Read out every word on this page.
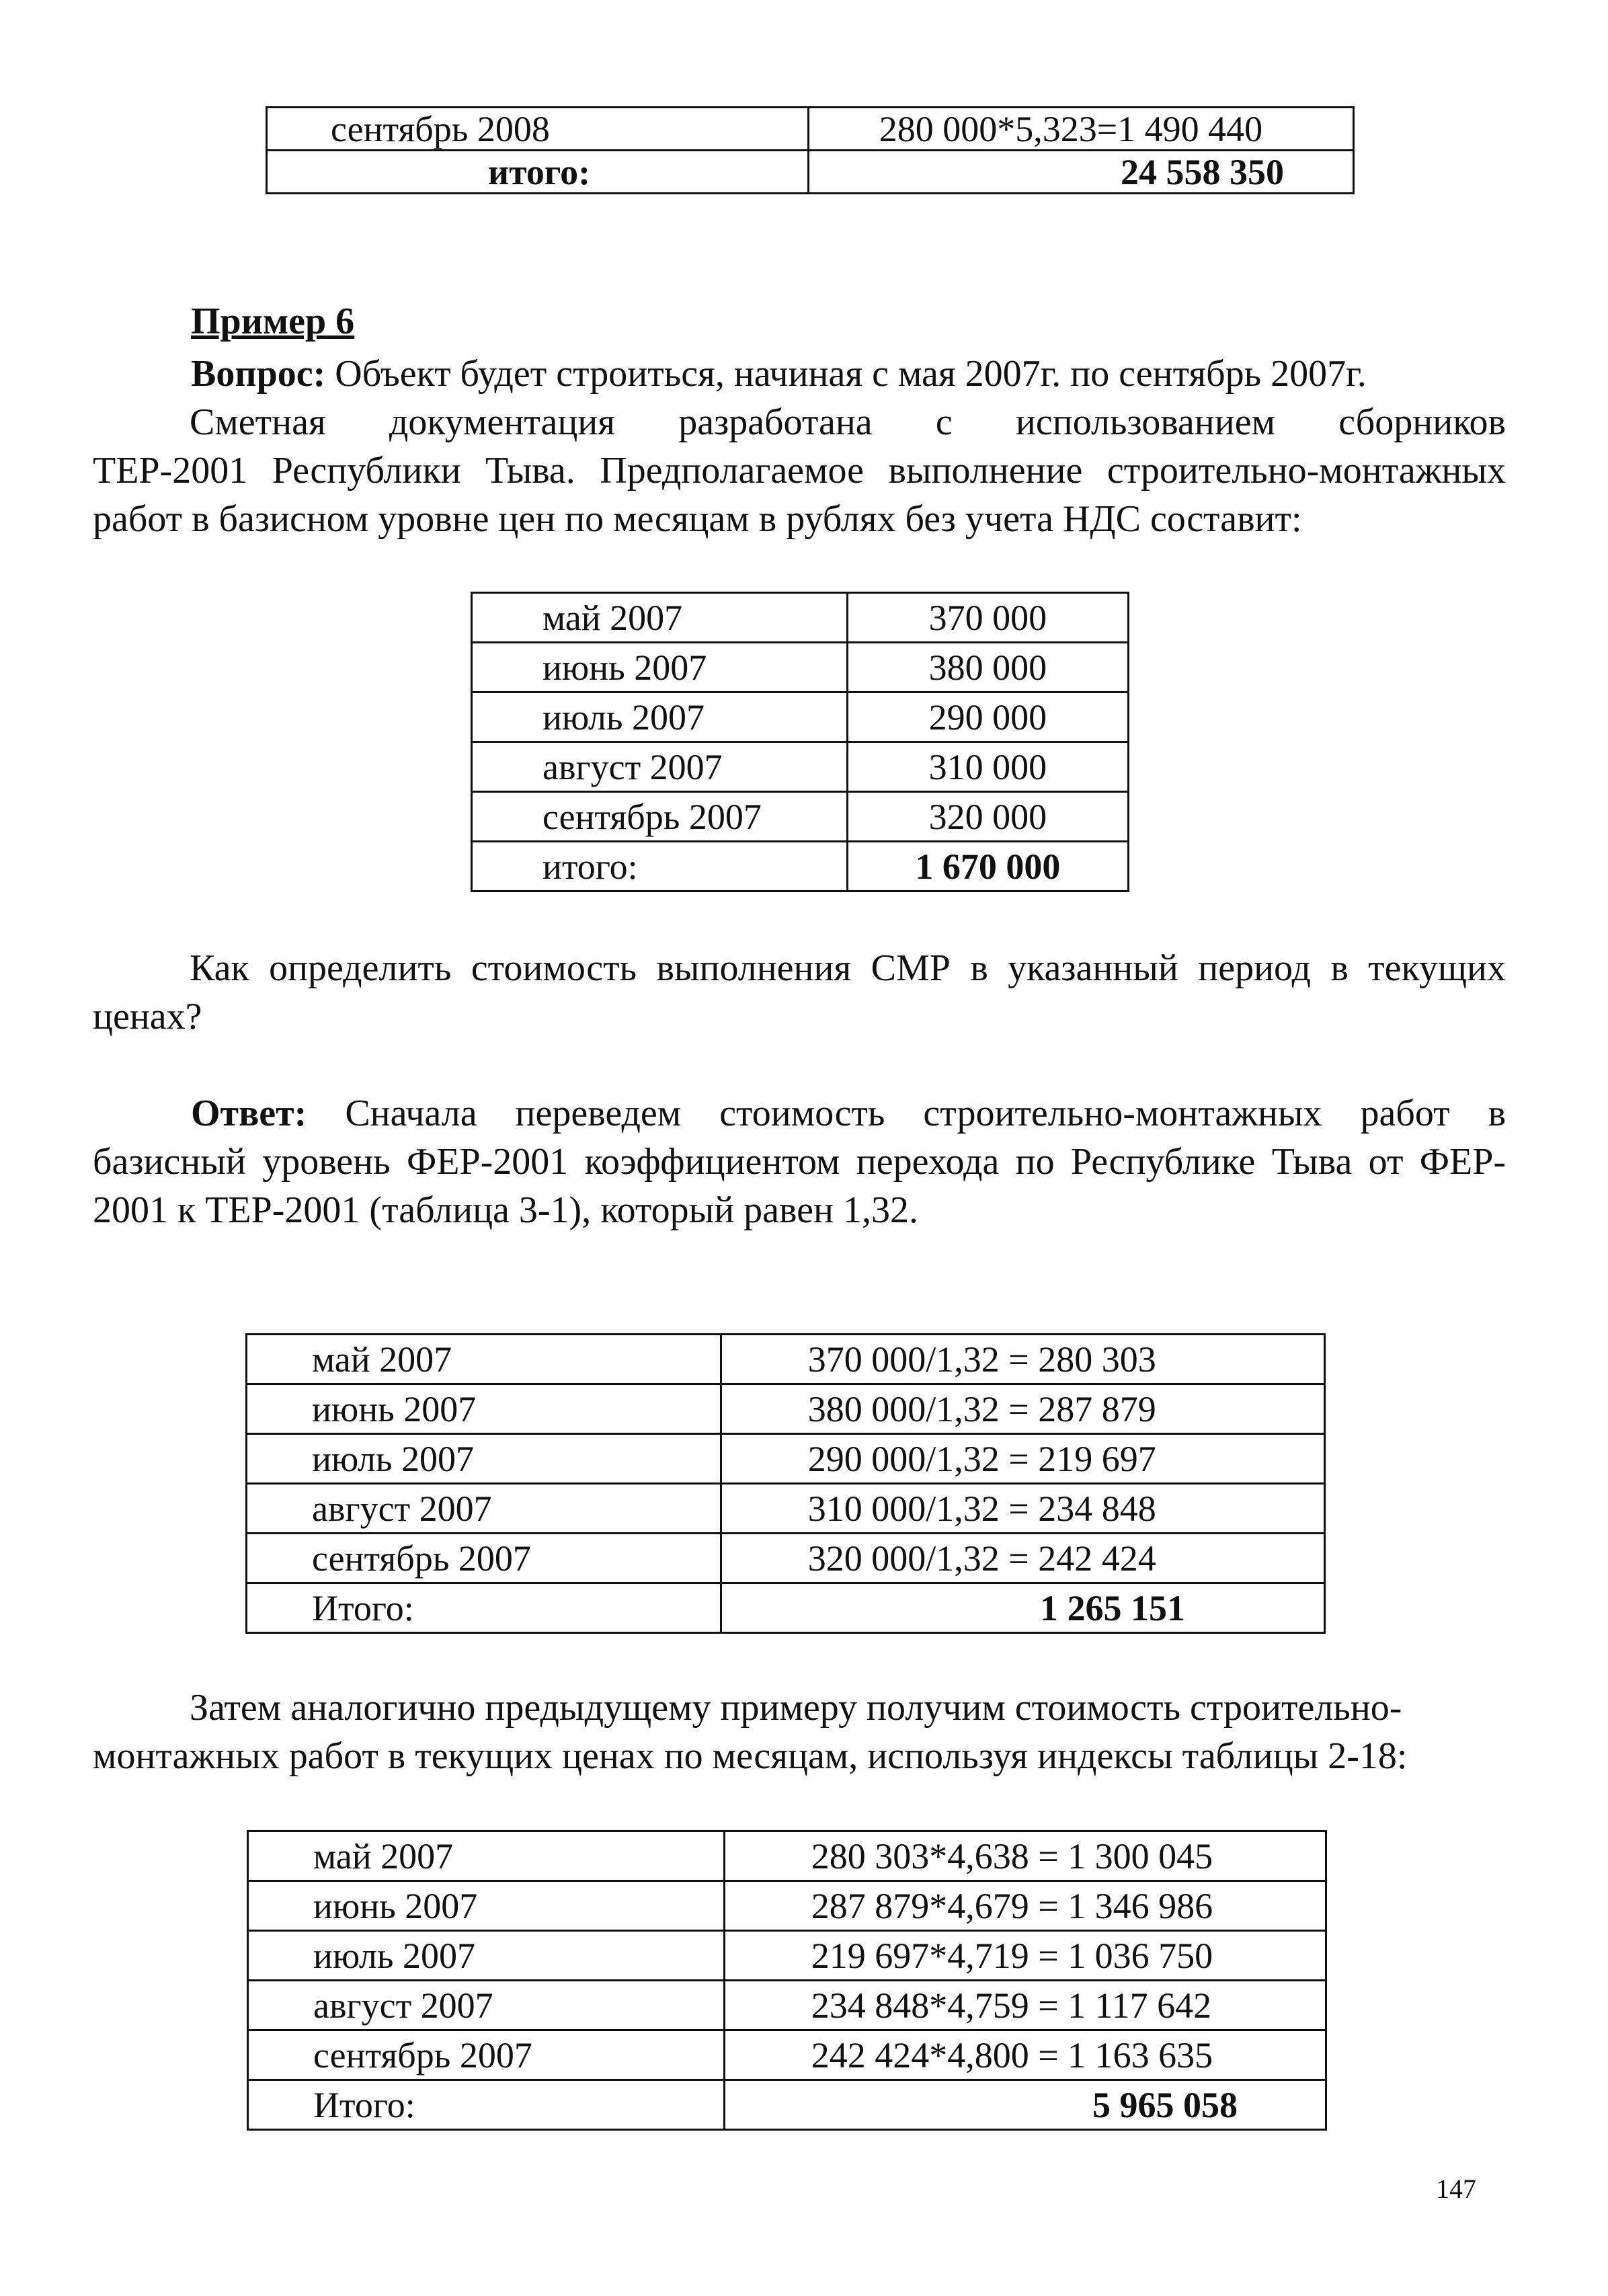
сентябрь 2008	280 000*5,323=1 490 440
итого:	24 558 350

Пример 6

Вопрос: Объект будет строиться, начиная с мая 2007г. по сентябрь 2007г.
Сметная документация разработана с использованием сборников
ТЕР-2001 Республики Тыва. Предполагаемое выполнение строительно-монтажных
работ в базисном уровне цен по месяцам в рублях без учета НДС составит:
май 2007	370 000
июнь 2007	380 000
июль 2007	290 000
август 2007	310 000
сентябрь 2007	320 000
итого:	1 670 000
Как определить стоимость выполнения СМР в указанный период в текущих
ценах?
Ответ: Сначала переведем стоимость строительно-монтажных работ в
базисный уровень ФЕР-2001 коэффициентом перехода по Республике Тыва от ФЕР-
2001 к ТЕР-2001 (таблица 3-1), который равен 1,32.
май 2007	370 000/1,32 = 280 303
июнь 2007	380 000/1,32 = 287 879
июль 2007	290 000/1,32 = 219 697
август 2007	310 000/1,32 = 234 848
сентябрь 2007	320 000/1,32 = 242 424
Итого:	1 265 151
Затем аналогично предыдущему примеру получим стоимость строительно-
монтажных работ в текущих ценах по месяцам, используя индексы таблицы 2-18:
май 2007	280 303*4,638 = 1 300 045
июнь 2007	287 879*4,679 = 1 346 986
июль 2007	219 697*4,719 = 1 036 750
август 2007	234 848*4,759 = 1 117 642
сентябрь 2007	242 424*4,800 = 1 163 635
Итого:	5 965 058
147
